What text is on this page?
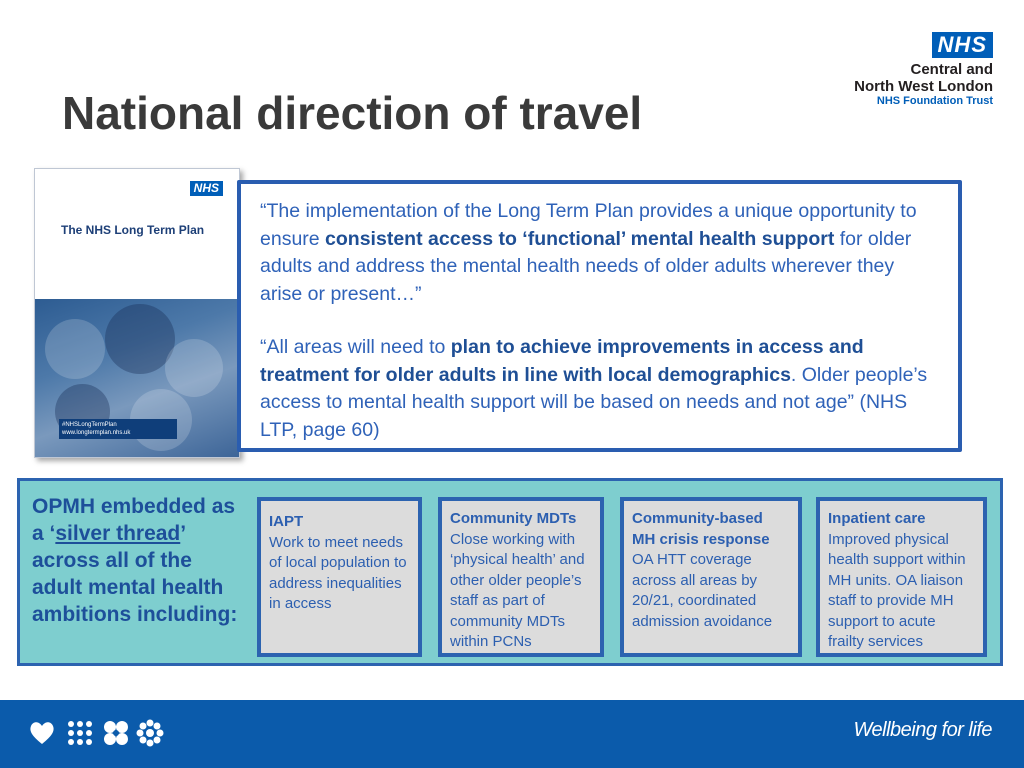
National direction of travel
NHS
Central and
North West London
NHS Foundation Trust
NHS
The NHS Long Term Plan
#NHSLongTermPlan
www.longtermplan.nhs.uk

“The implementation of the Long Term Plan provides a unique opportunity to ensure consistent access to ‘functional’ mental health support for older adults and address the mental health needs of older adults wherever they arise or present…”

“All areas will need to plan to achieve improvements in access and treatment for older adults in line with local demographics. Older people’s access to mental health support will be based on needs and not age” (NHS LTP, page 60)

OPMH embedded as a ‘silver thread’ across all of the adult mental health ambitions including:
IAPT
Work to meet needs of local population to address inequalities in access
Community MDTs
Close working with ‘physical health’ and other older people’s staff as part of community MDTs within PCNs
Community-based MH crisis response
OA HTT coverage across all areas by 20/21, coordinated admission avoidance
Inpatient care
Improved physical health support within MH units. OA liaison staff to provide MH support to acute frailty services
Wellbeing for life
